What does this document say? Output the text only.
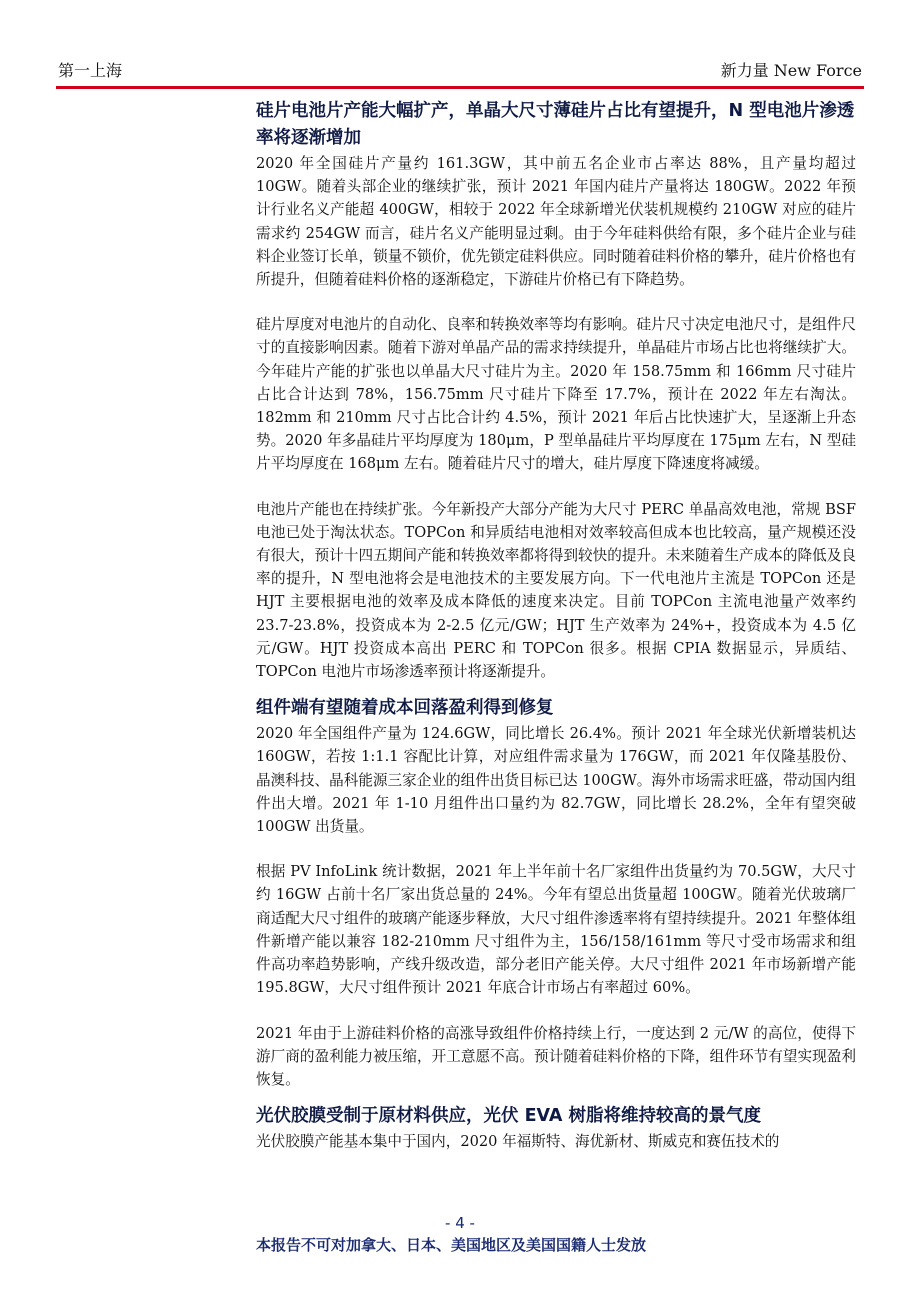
第一上海	新力量 New Force
硅片电池片产能大幅扩产，单晶大尺寸薄硅片占比有望提升，N 型电池片渗透率将逐渐增加

2020 年全国硅片产量约 161.3GW，其中前五名企业市占率达 88%，且产量均超过 10GW。随着头部企业的继续扩张，预计 2021 年国内硅片产量将达 180GW。2022 年预计行业名义产能超 400GW，相较于 2022 年全球新增光伏装机规模约 210GW 对应的硅片需求约 254GW 而言，硅片名义产能明显过剩。由于今年硅料供给有限，多个硅片企业与硅料企业签订长单，锁量不锁价，优先锁定硅料供应。同时随着硅料价格的攀升，硅片价格也有所提升，但随着硅料价格的逐渐稳定，下游硅片价格已有下降趋势。

硅片厚度对电池片的自动化、良率和转换效率等均有影响。硅片尺寸决定电池尺寸，是组件尺寸的直接影响因素。随着下游对单晶产品的需求持续提升，单晶硅片市场占比也将继续扩大。今年硅片产能的扩张也以单晶大尺寸硅片为主。2020 年 158.75mm 和 166mm 尺寸硅片占比合计达到 78%，156.75mm 尺寸硅片下降至 17.7%，预计在 2022 年左右淘汰。182mm 和 210mm 尺寸占比合计约 4.5%，预计 2021 年后占比快速扩大，呈逐渐上升态势。2020 年多晶硅片平均厚度为 180μm，P 型单晶硅片平均厚度在 175μm 左右，N 型硅片平均厚度在 168μm 左右。随着硅片尺寸的增大，硅片厚度下降速度将减缓。

电池片产能也在持续扩张。今年新投产大部分产能为大尺寸 PERC 单晶高效电池，常规 BSF 电池已处于淘汰状态。TOPCon 和异质结电池相对效率较高但成本也比较高，量产规模还没有很大，预计十四五期间产能和转换效率都将得到较快的提升。未来随着生产成本的降低及良率的提升，N 型电池将会是电池技术的主要发展方向。下一代电池片主流是 TOPCon 还是 HJT 主要根据电池的效率及成本降低的速度来决定。目前 TOPCon 主流电池量产效率约 23.7-23.8%，投资成本为 2-2.5 亿元/GW；HJT 生产效率为 24%+，投资成本为 4.5 亿元/GW。HJT 投资成本高出 PERC 和 TOPCon 很多。根据 CPIA 数据显示，异质结、TOPCon 电池片市场渗透率预计将逐渐提升。

组件端有望随着成本回落盈利得到修复

2020 年全国组件产量为 124.6GW，同比增长 26.4%。预计 2021 年全球光伏新增装机达 160GW，若按 1:1.1 容配比计算，对应组件需求量为 176GW，而 2021 年仅隆基股份、晶澳科技、晶科能源三家企业的组件出货目标已达 100GW。海外市场需求旺盛，带动国内组件出大增。2021 年 1-10 月组件出口量约为 82.7GW，同比增长 28.2%，全年有望突破 100GW 出货量。

根据 PV InfoLink 统计数据，2021 年上半年前十名厂家组件出货量约为 70.5GW，大尺寸约 16GW 占前十名厂家出货总量的 24%。今年有望总出货量超 100GW。随着光伏玻璃厂商适配大尺寸组件的玻璃产能逐步释放，大尺寸组件渗透率将有望持续提升。2021 年整体组件新增产能以兼容 182-210mm 尺寸组件为主，156/158/161mm 等尺寸受市场需求和组件高功率趋势影响，产线升级改造，部分老旧产能关停。大尺寸组件 2021 年市场新增产能 195.8GW，大尺寸组件预计 2021 年底合计市场占有率超过 60%。

2021 年由于上游硅料价格的高涨导致组件价格持续上行，一度达到 2 元/W 的高位，使得下游厂商的盈利能力被压缩，开工意愿不高。预计随着硅料价格的下降，组件环节有望实现盈利恢复。

光伏胶膜受制于原材料供应，光伏 EVA 树脂将维持较高的景气度

光伏胶膜产能基本集中于国内，2020 年福斯特、海优新材、斯威克和赛伍技术的

- 4 -
本报告不可对加拿大、日本、美国地区及美国国籍人士发放
